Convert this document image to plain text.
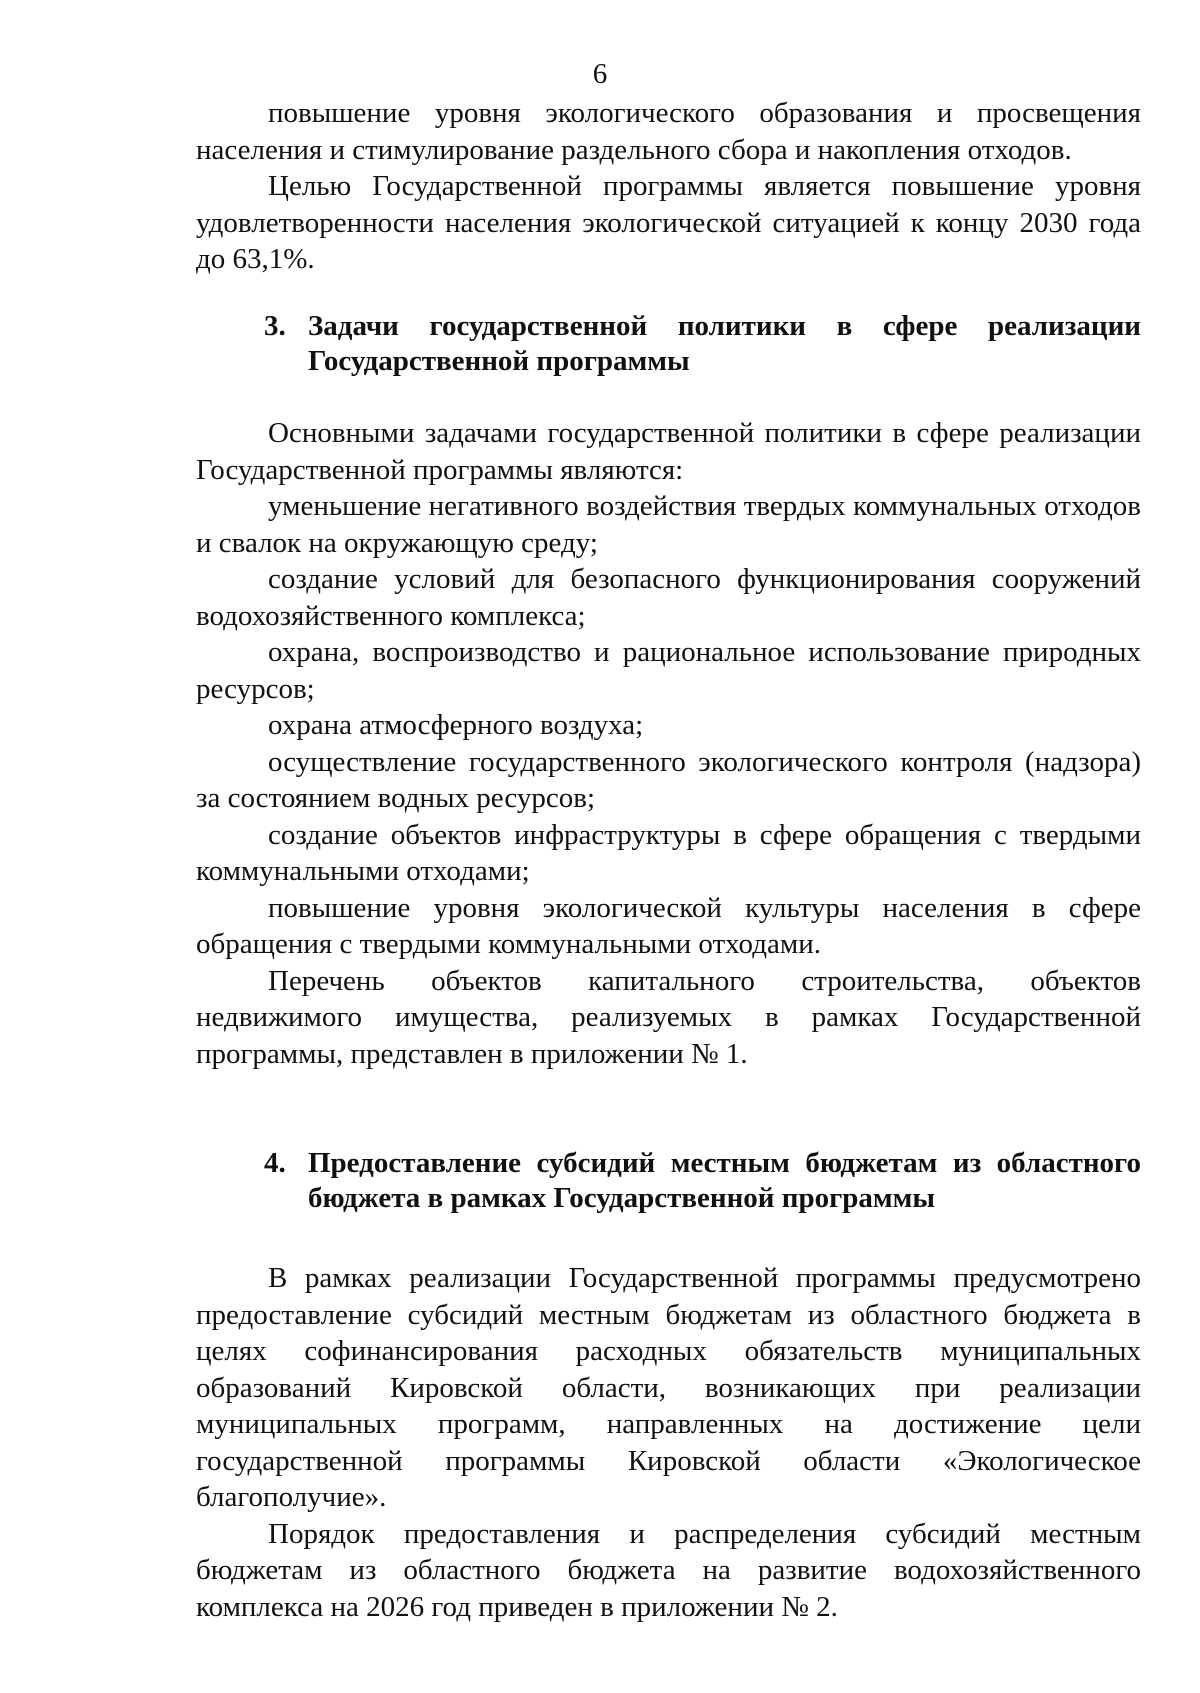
6

повышение уровня экологического образования и просвещения населения и стимулирование раздельного сбора и накопления отходов.

Целью Государственной программы является повышение уровня удовлетворенности населения экологической ситуацией к концу 2030 года до 63,1%.

3. Задачи государственной политики в сфере реализации
Государственной программы

Основными задачами государственной политики в сфере реализации Государственной программы являются:

уменьшение негативного воздействия твердых коммунальных отходов и свалок на окружающую среду;

создание условий для безопасного функционирования сооружений водохозяйственного комплекса;

охрана, воспроизводство и рациональное использование природных ресурсов;

охрана атмосферного воздуха;

осуществление государственного экологического контроля (надзора) за состоянием водных ресурсов;

создание объектов инфраструктуры в сфере обращения с твердыми коммунальными отходами;

повышение уровня экологической культуры населения в сфере обращения с твердыми коммунальными отходами.

Перечень объектов капитального строительства, объектов недвижимого имущества, реализуемых в рамках Государственной программы, представлен в приложении № 1.

4. Предоставление субсидий местным бюджетам из областного
бюджета в рамках Государственной программы

В рамках реализации Государственной программы предусмотрено предоставление субсидий местным бюджетам из областного бюджета в целях софинансирования расходных обязательств муниципальных образований Кировской области, возникающих при реализации муниципальных программ, направленных на достижение цели государственной программы Кировской области «Экологическое благополучие».

Порядок предоставления и распределения субсидий местным бюджетам из областного бюджета на развитие водохозяйственного комплекса на 2026 год приведен в приложении № 2.
